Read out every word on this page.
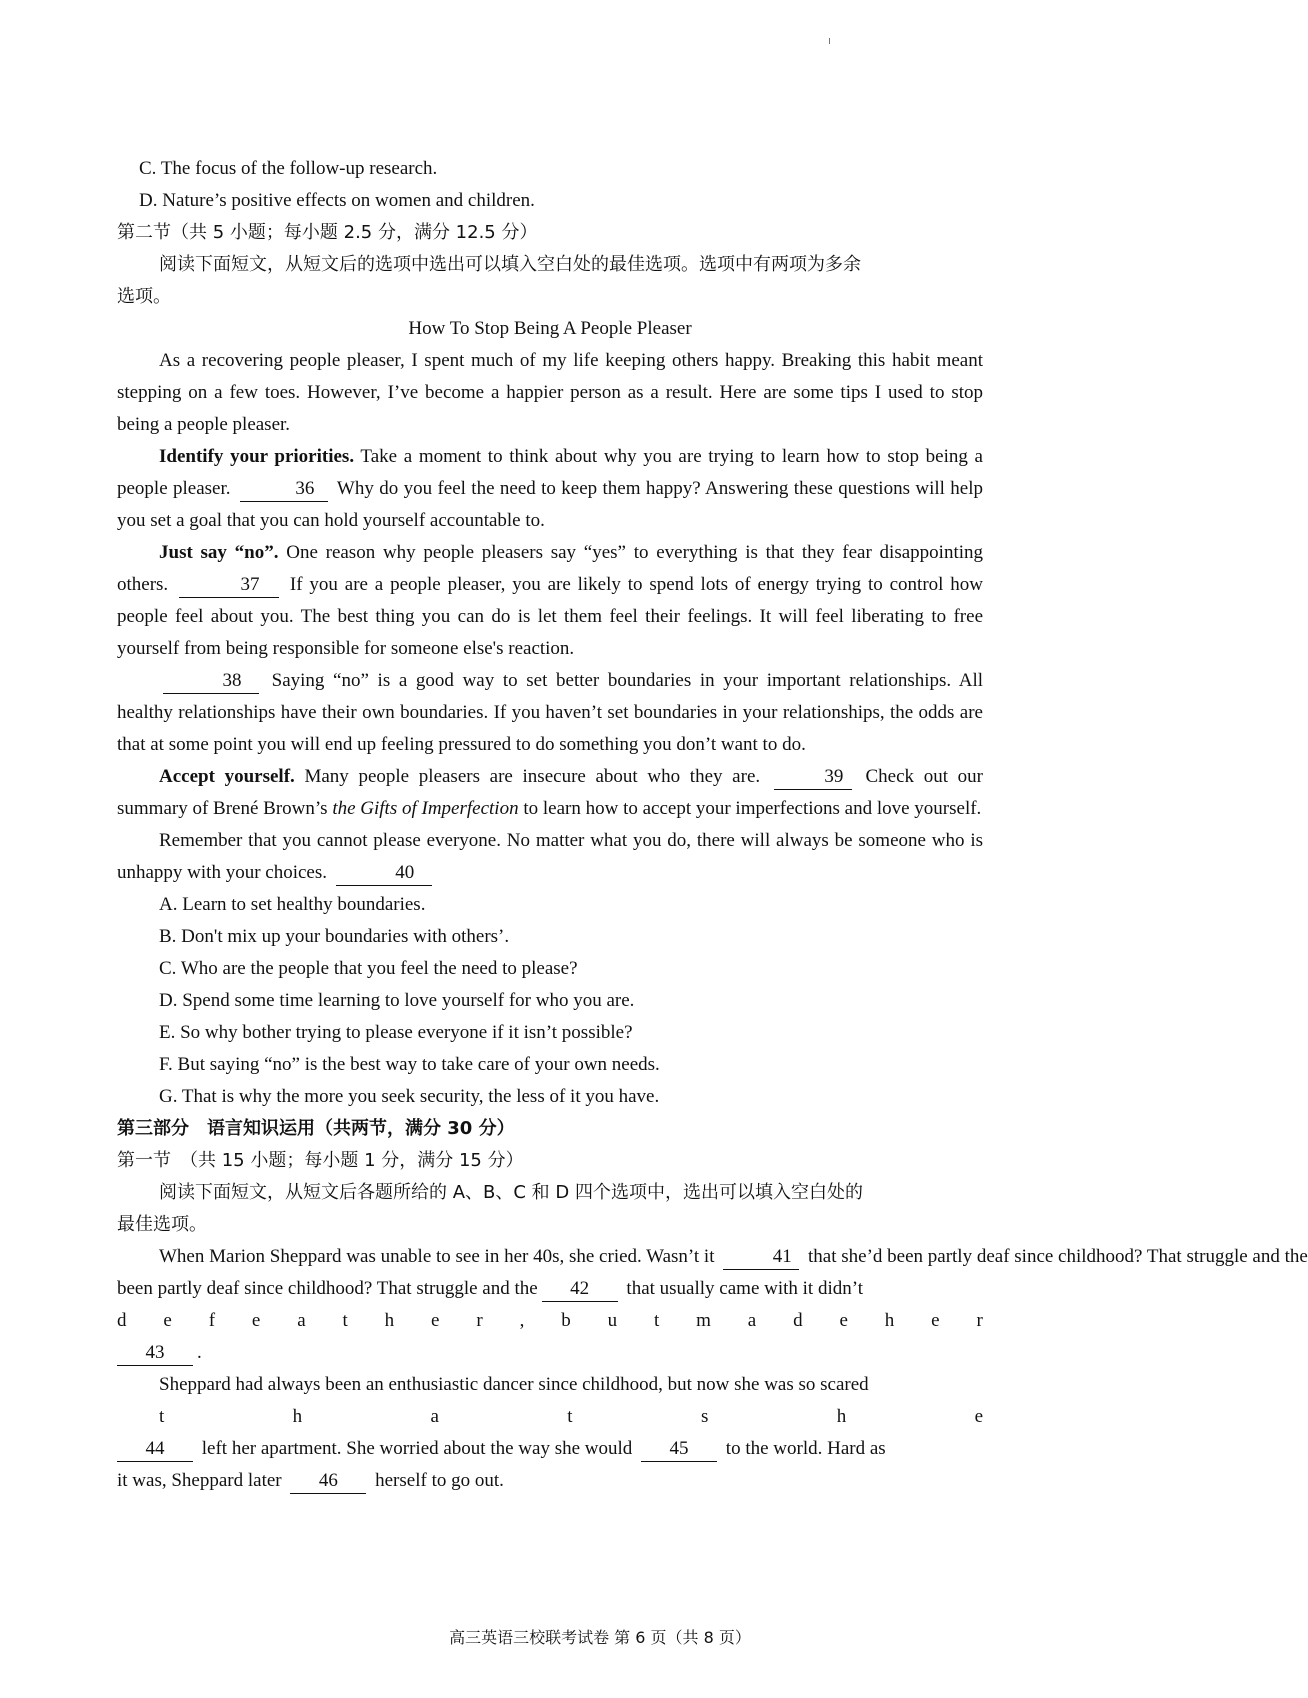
C. The focus of the follow-up research.
D. Nature’s positive effects on women and children.
第二节（共 5 小题；每小题 2.5 分，满分 12.5 分）
阅读下面短文，从短文后的选项中选出可以填入空白处的最佳选项。选项中有两项为多余
选项。
How To Stop Being A People Pleaser
As a recovering people pleaser, I spent much of my life keeping others happy. Breaking this habit meant stepping on a few toes. However, I’ve become a happier person as a result. Here are some tips I used to stop being a people pleaser.
Identify your priorities. Take a moment to think about why you are trying to learn how to stop being a people pleaser.	36 Why do you feel the need to keep them happy? Answering these questions will help you set a goal that you can hold yourself accountable to.
Just say “no”. One reason why people pleasers say “yes” to everything is that they fear disappointing others.	37 If you are a people pleaser, you are likely to spend lots of energy trying to control how people feel about you. The best thing you can do is let them feel their feelings. It will feel liberating to free yourself from being responsible for someone else's reaction.
38 Saying “no” is a good way to set better boundaries in your important relationships. All healthy relationships have their own boundaries. If you haven’t set boundaries in your relationships, the odds are that at some point you will end up feeling pressured to do something you don’t want to do.
Accept yourself. Many people pleasers are insecure about who they are.	39 Check out our summary of Brené Brown’s the Gifts of Imperfection to learn how to accept your imperfections and love yourself.
Remember that you cannot please everyone. No matter what you do, there will always be someone who is unhappy with your choices.	40
A. Learn to set healthy boundaries.
B. Don't mix up your boundaries with others’.
C. Who are the people that you feel the need to please?
D. Spend some time learning to love yourself for who you are.
E. So why bother trying to please everyone if it isn’t possible?
F. But saying “no” is the best way to take care of your own needs.
G. That is why the more you seek security, the less of it you have.
第三部分　语言知识运用（共两节，满分 30 分）
第一节　（共 15 小题；每小题 1 分，满分 15 分）
阅读下面短文，从短文后各题所给的 A、B、C 和 D 四个选项中，选出可以填入空白处的
最佳选项。
When Marion Sheppard was unable to see in her 40s, she cried. Wasn’t it	41 that she’d been partly deaf since childhood? That struggle and the
been partly deaf since childhood? That struggle and the 42 that usually came with it didn’t
d e f e a t h e r , b u t m a d e h e r
43 .
Sheppard had always been an enthusiastic dancer since childhood, but now she was so scared
t	h	a	t	s	h	e
44 left her apartment. She worried about the way she would 45 to the world. Hard as
it was, Sheppard later 46 herself to go out.
高三英语三校联考试卷 第 6 页（共 8 页）
